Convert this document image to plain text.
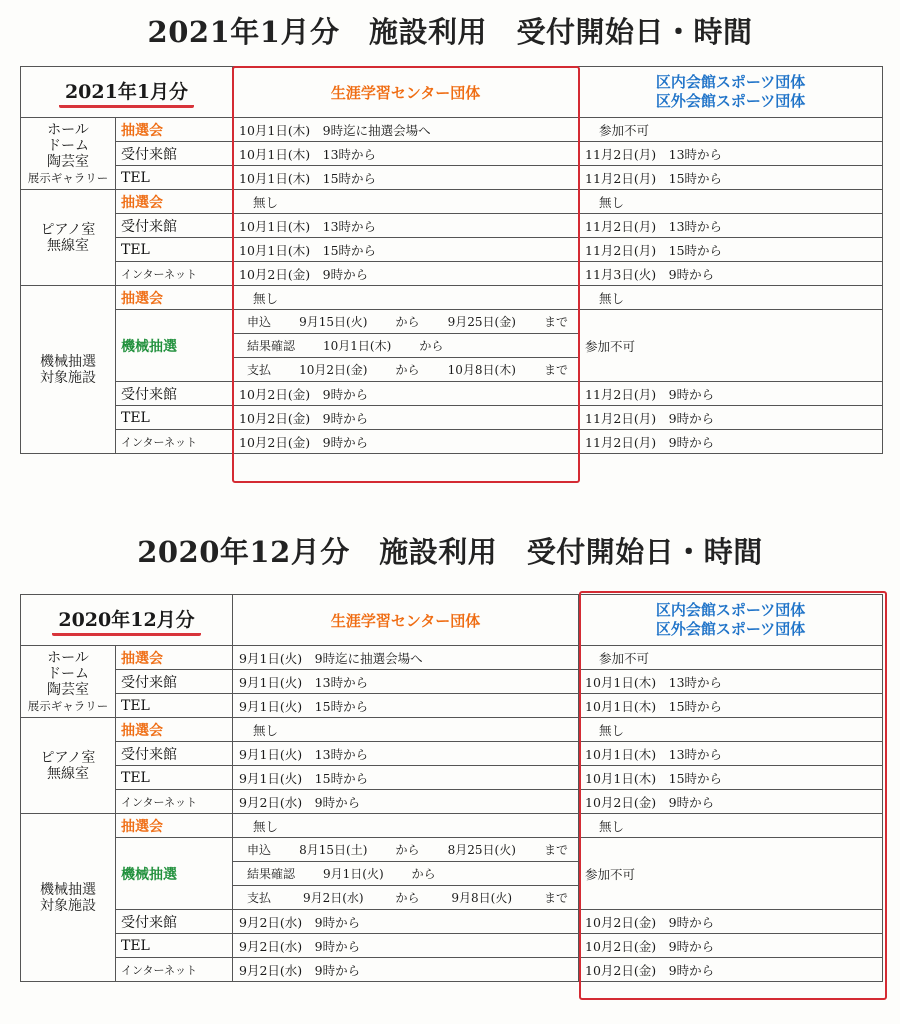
2021年1月分　施設利用　受付開始日・時間
2021年1月分		生涯学習センター団体	区内会館スポーツ団体
区外会館スポーツ団体

ホール
ドーム
陶芸室
展示ギャラリー	抽選会	10月1日(木)　9時迄に抽選会場へ	参加不可
	受付来館	10月1日(木)　13時から	11月2日(月)　13時から
	TEL	10月1日(木)　15時から	11月2日(月)　15時から

ピアノ室
無線室	抽選会	無し	無し
	受付来館	10月1日(木)　13時から	11月2日(月)　13時から
	TEL	10月1日(木)　15時から	11月2日(月)　15時から
	インターネット	10月2日(金)　9時から	11月3日(火)　9時から

機械抽選
対象施設	抽選会	無し	無し
	機械抽選	申込 9月15日(火) から 9月25日(金) まで	参加不可

		結果確認 10月1日(木) から	

		支払 10月2日(金) から 10月8日(木) まで	

	受付来館	10月2日(金)　9時から	11月2日(月)　9時から
	TEL	10月2日(金)　9時から	11月2日(月)　9時から
	インターネット	10月2日(金)　9時から	11月2日(月)　9時から
2020年12月分　施設利用　受付開始日・時間
2020年12月分		生涯学習センター団体	区内会館スポーツ団体
区外会館スポーツ団体

ホール
ドーム
陶芸室
展示ギャラリー	抽選会	9月1日(火)　9時迄に抽選会場へ	参加不可
	受付来館	9月1日(火)　13時から	10月1日(木)　13時から
	TEL	9月1日(火)　15時から	10月1日(木)　15時から

ピアノ室
無線室	抽選会	無し	無し
	受付来館	9月1日(火)　13時から	10月1日(木)　13時から
	TEL	9月1日(火)　15時から	10月1日(木)　15時から
	インターネット	9月2日(水)　9時から	10月2日(金)　9時から

機械抽選
対象施設	抽選会	無し	無し
	機械抽選	申込 8月15日(土) から 8月25日(火) まで	参加不可

		結果確認 9月1日(火) から	

		支払 9月2日(水) から 9月8日(火) まで	

	受付来館	9月2日(水)　9時から	10月2日(金)　9時から
	TEL	9月2日(水)　9時から	10月2日(金)　9時から
	インターネット	9月2日(水)　9時から	10月2日(金)　9時から
